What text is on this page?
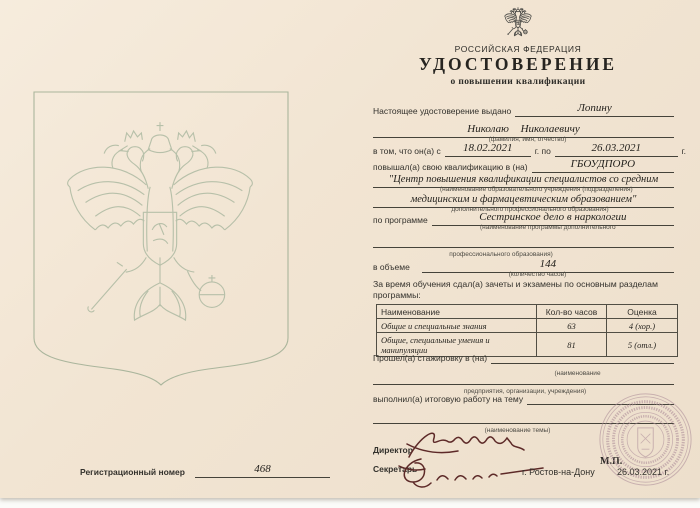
Регистрационный номер	468
РОССИЙСКАЯ ФЕДЕРАЦИЯ
УДОСТОВЕРЕНИЕ
о повышении квалификации
Настоящее удостоверение выдано	Лопину
Николаю Николаевичу
(фамилия, имя, отчество)
в том, что он(а) с	18.02.2021	г. по	26.03.2021	г.
повышал(а) свою квалификацию в (на)	ГБОУДПОРО
"Центр повышения квалификации специалистов со средним
(наименование образовательного учреждения (подразделения)
медицинским и фармацевтическим образованием"
дополнительного профессионального образования)
по программе	Сестринское дело в наркологии
(наименование программы дополнительного
профессионального образования)
в объеме	144
(количество часов)
За время обучения сдал(а) зачеты и экзамены по основным разделам программы:
Наименование	Кол-во часов	Оценка
Общие и специальные знания	63	4 (хор.)
Общие, специальные умения и манипуляции	81	5 (отл.)
Прошел(а) стажировку в (на)
(наименование
предприятия, организации, учреждения)
выполнил(а) итоговую работу на тему
(наименование темы)
Директор
М.П.
Секретарь	г. Ростов-на-Дону 26.03.2021 г.
